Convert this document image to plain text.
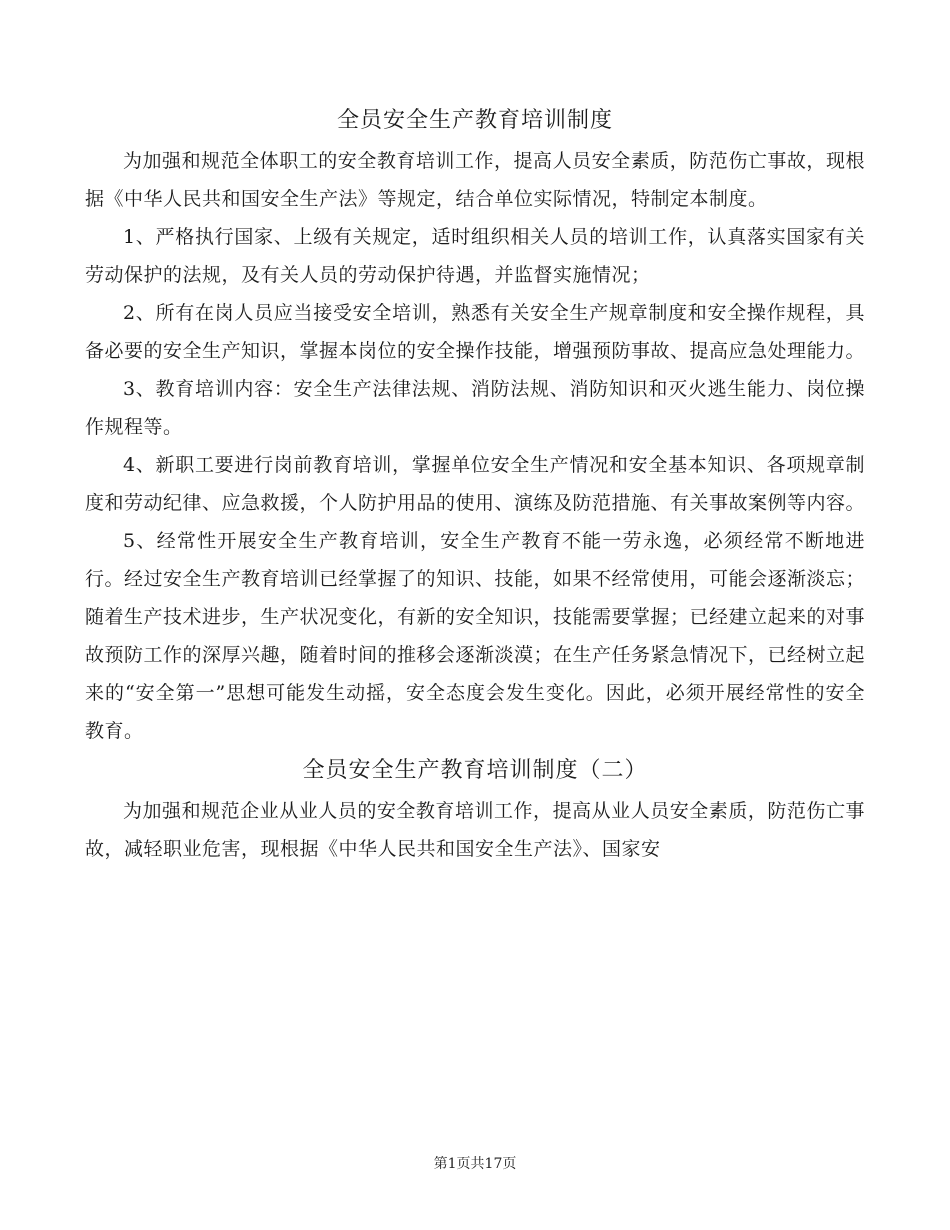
全员安全生产教育培训制度

为加强和规范全体职工的安全教育培训工作，提高人员安全素质，防范伤亡事故，现根据《中华人民共和国安全生产法》等规定，结合单位实际情况，特制定本制度。

1、严格执行国家、上级有关规定，适时组织相关人员的培训工作，认真落实国家有关劳动保护的法规，及有关人员的劳动保护待遇，并监督实施情况；

2、所有在岗人员应当接受安全培训，熟悉有关安全生产规章制度和安全操作规程，具备必要的安全生产知识，掌握本岗位的安全操作技能，增强预防事故、提高应急处理能力。

3、教育培训内容：安全生产法律法规、消防法规、消防知识和灭火逃生能力、岗位操作规程等。

4、新职工要进行岗前教育培训，掌握单位安全生产情况和安全基本知识、各项规章制度和劳动纪律、应急救援，个人防护用品的使用、演练及防范措施、有关事故案例等内容。

5、经常性开展安全生产教育培训，安全生产教育不能一劳永逸，必须经常不断地进行。经过安全生产教育培训已经掌握了的知识、技能，如果不经常使用，可能会逐渐淡忘；随着生产技术进步，生产状况变化，有新的安全知识，技能需要掌握；已经建立起来的对事故预防工作的深厚兴趣，随着时间的推移会逐渐淡漠；在生产任务紧急情况下，已经树立起来的“安全第一”思想可能发生动摇，安全态度会发生变化。因此，必须开展经常性的安全教育。

全员安全生产教育培训制度（二）

为加强和规范企业从业人员的安全教育培训工作，提高从业人员安全素质，防范伤亡事故，减轻职业危害，现根据《中华人民共和国安全生产法》、国家安

第1页共17页
